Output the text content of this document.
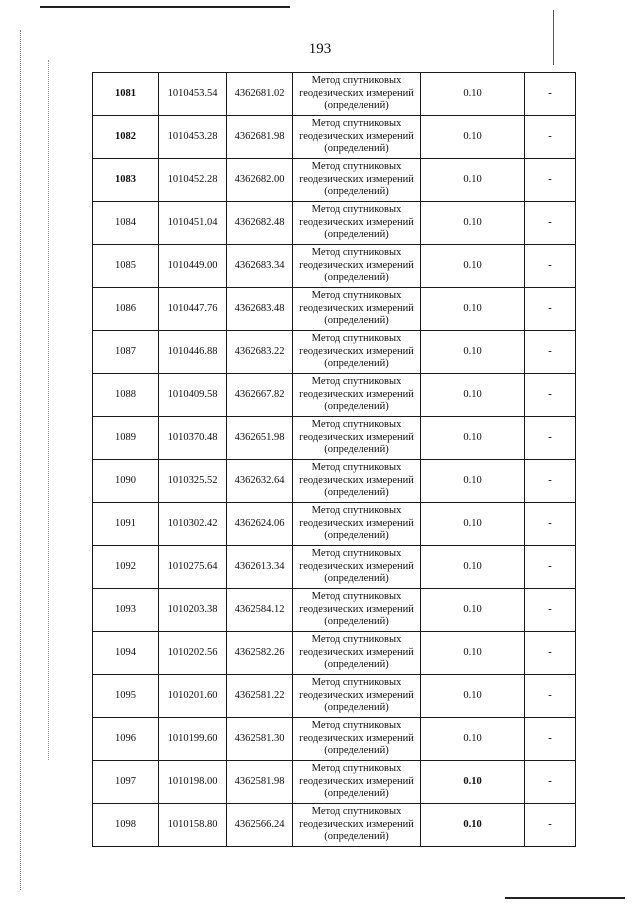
193
1081	1010453.54	4362681.02	Метод спутниковых
геодезических измерений
(определений)	0.10	-
1082	1010453.28	4362681.98	Метод спутниковых
геодезических измерений
(определений)	0.10	-
1083	1010452.28	4362682.00	Метод спутниковых
геодезических измерений
(определений)	0.10	-
1084	1010451.04	4362682.48	Метод спутниковых
геодезических измерений
(определений)	0.10	-
1085	1010449.00	4362683.34	Метод спутниковых
геодезических измерений
(определений)	0.10	-
1086	1010447.76	4362683.48	Метод спутниковых
геодезических измерений
(определений)	0.10	-
1087	1010446.88	4362683.22	Метод спутниковых
геодезических измерений
(определений)	0.10	-
1088	1010409.58	4362667.82	Метод спутниковых
геодезических измерений
(определений)	0.10	-
1089	1010370.48	4362651.98	Метод спутниковых
геодезических измерений
(определений)	0.10	-
1090	1010325.52	4362632.64	Метод спутниковых
геодезических измерений
(определений)	0.10	-
1091	1010302.42	4362624.06	Метод спутниковых
геодезических измерений
(определений)	0.10	-
1092	1010275.64	4362613.34	Метод спутниковых
геодезических измерений
(определений)	0.10	-
1093	1010203.38	4362584.12	Метод спутниковых
геодезических измерений
(определений)	0.10	-
1094	1010202.56	4362582.26	Метод спутниковых
геодезических измерений
(определений)	0.10	-
1095	1010201.60	4362581.22	Метод спутниковых
геодезических измерений
(определений)	0.10	-
1096	1010199.60	4362581.30	Метод спутниковых
геодезических измерений
(определений)	0.10	-
1097	1010198.00	4362581.98	Метод спутниковых
геодезических измерений
(определений)	0.10	-
1098	1010158.80	4362566.24	Метод спутниковых
геодезических измерений
(определений)	0.10	-
